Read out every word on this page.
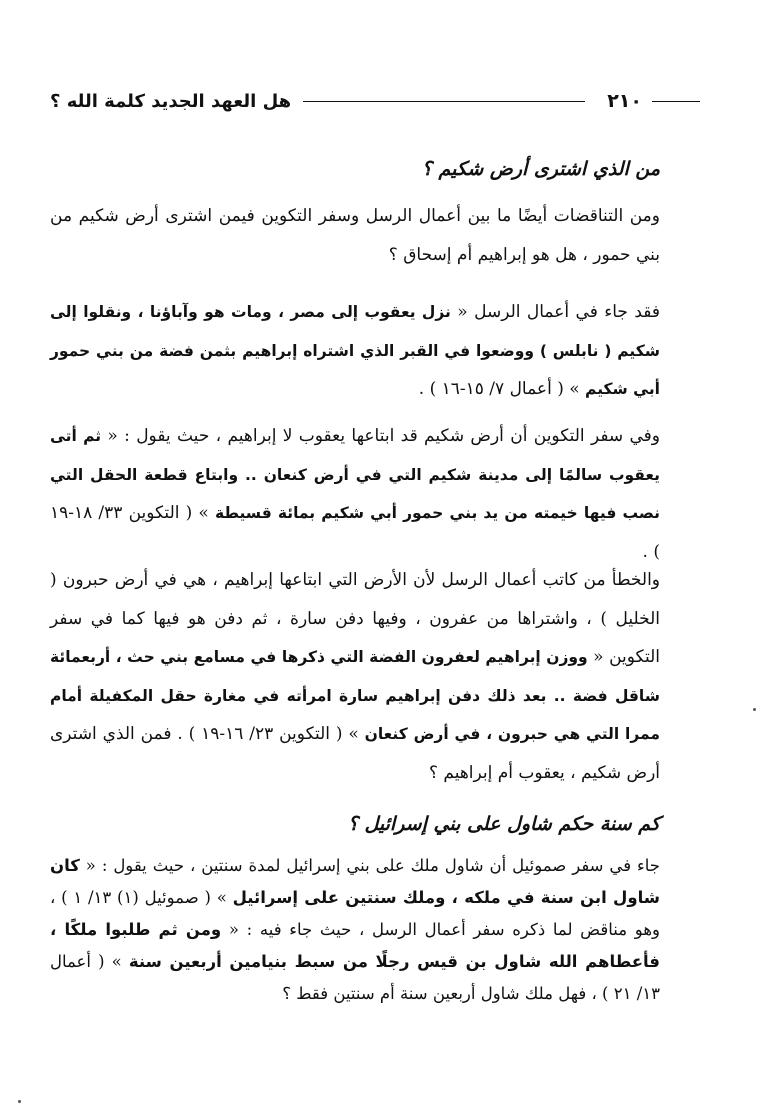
٢١٠
هل العهد الجديد كلمة الله ؟
من الذي اشترى أرض شكيم ؟

ومن التناقضات أيضًا ما بين أعمال الرسل وسفر التكوين فيمن اشترى أرض شكيم من بني حمور ، هل هو إبراهيم أم إسحاق ؟

فقد جاء في أعمال الرسل « نزل يعقوب إلى مصر ، ومات هو وآباؤنا ، ونقلوا إلى شكيم ( نابلس ) ووضعوا في القبر الذي اشتراه إبراهيم بثمن فضة من بني حمور أبي شكيم » ( أعمال ٧/ ١٥-١٦ ) .

وفي سفر التكوين أن أرض شكيم قد ابتاعها يعقوب لا إبراهيم ، حيث يقول : « ثم أتى يعقوب سالمًا إلى مدينة شكيم التي في أرض كنعان .. وابتاع قطعة الحقل التي نصب فيها خيمته من يد بني حمور أبي شكيم بمائة قسيطة » ( التكوين ٣٣/ ١٨-١٩ ) .

والخطأ من كاتب أعمال الرسل لأن الأرض التي ابتاعها إبراهيم ، هي في أرض حبرون ( الخليل ) ، واشتراها من عفرون ، وفيها دفن سارة ، ثم دفن هو فيها كما في سفر التكوين « ووزن إبراهيم لعفرون الفضة التي ذكرها في مسامع بني حث ، أربعمائة شاقل فضة .. بعد ذلك دفن إبراهيم سارة امرأته في مغارة حقل المكفيلة أمام ممرا التي هي حبرون ، في أرض كنعان » ( التكوين ٢٣/ ١٦-١٩ ) . فمن الذي اشترى أرض شكيم ، يعقوب أم إبراهيم ؟

كم سنة حكم شاول على بني إسرائيل ؟

جاء في سفر صموئيل أن شاول ملك على بني إسرائيل لمدة سنتين ، حيث يقول : « كان شاول ابن سنة في ملكه ، وملك سنتين على إسرائيل » ( صموئيل (١) ١٣/ ١ ) ، وهو مناقض لما ذكره سفر أعمال الرسل ، حيث جاء فيه : « ومن ثم طلبوا ملكًا ، فأعطاهم الله شاول بن قيس رجلًا من سبط بنيامين أربعين سنة » ( أعمال ١٣/ ٢١ ) ، فهل ملك شاول أربعين سنة أم سنتين فقط ؟
